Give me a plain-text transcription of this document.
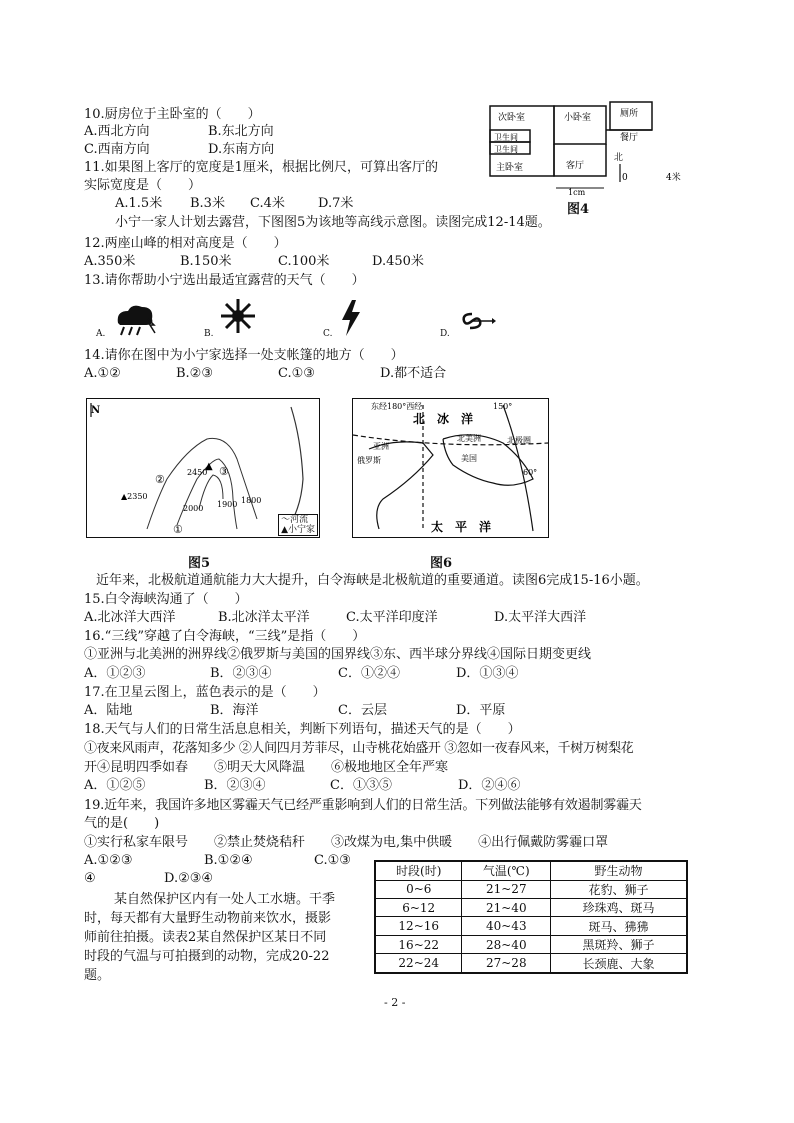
10.厨房位于主卧室的（　　）
A.西北方向	B.东北方向
C.西南方向	D.东南方向
11.如果图上客厅的宽度是1厘米，根据比例尺，可算出客厅的
实际宽度是（　　）
A.1.5米 B.3米 C.4米	D.7米
次卧室	小卧室	厕所
卫生间
卫生间
主卧室	客厅
餐厅
北
0	4米
1cm
图4
小宁一家人计划去露营，下图图5为该地等高线示意图。读图完成12-14题。
12.两座山峰的相对高度是（　　）
A.350米	B.150米	C.100米	D.450米
13.请你帮助小宁选出最适宜露营的天气（　　）
A.	B.	C.	D.
14.请你在图中为小宁家选择一处支帐篷的地方（　　）
A.①②	B.②③	C.①③	D.都不适合
N
▲2350
2450
▲
2000 1900 1800
②
①
③
〜河流
▲小宁家
图5
东经180°西经	150°
北　冰　洋
北美洲	北极圈
亚洲
俄罗斯	美国
60°
太　平　洋
图6
近年来，北极航道通航能力大大提升，白令海峡是北极航道的重要通道。读图6完成15-16小题。
15.白令海峡沟通了（　　）
A.北冰洋大西洋	B.北冰洋太平洋	C.太平洋印度洋	D.太平洋大西洋
16.“三线”穿越了白令海峡，“三线”是指（　　）
①亚洲与北美洲的洲界线②俄罗斯与美国的国界线③东、西半球分界线④国际日期变更线
A．①②③	B．②③④	C．①②④	D．①③④
17.在卫星云图上，蓝色表示的是（　　）
A．陆地	B．海洋	C．云层	D．平原
18.天气与人们的日常生活息息相关，判断下列语句，描述天气的是（　　）
①夜来风雨声，花落知多少 ②人间四月芳菲尽，山寺桃花始盛开 ③忽如一夜春风来，千树万树梨花
开④昆明四季如春　　⑤明天大风降温　　⑥极地地区全年严寒
A．①②⑤	B．②③④	C．①③⑤	D．②④⑥
19.近年来，我国许多地区雾霾天气已经严重影响到人们的日常生活。下列做法能够有效遏制雾霾天
气的是(　　)
①实行私家车限号　　②禁止焚烧秸秆　　③改煤为电,集中供暖　　④出行佩戴防雾霾口罩
A.①②③	B.①②④	C.①③
④	D.②③④
某自然保护区内有一处人工水塘。干季
时，每天都有大量野生动物前来饮水，摄影
师前往拍摄。读表2某自然保护区某日不同
时段的气温与可拍摄到的动物，完成20-22
题。
时段(时)	气温(℃)	野生动物
0~6	21~27	花豹、狮子
6~12	21~40	珍珠鸡、斑马
12~16	40~43	斑马、狒狒
16~22	28~40	黑斑羚、狮子
22~24	27~28	长颈鹿、大象
- 2 -
